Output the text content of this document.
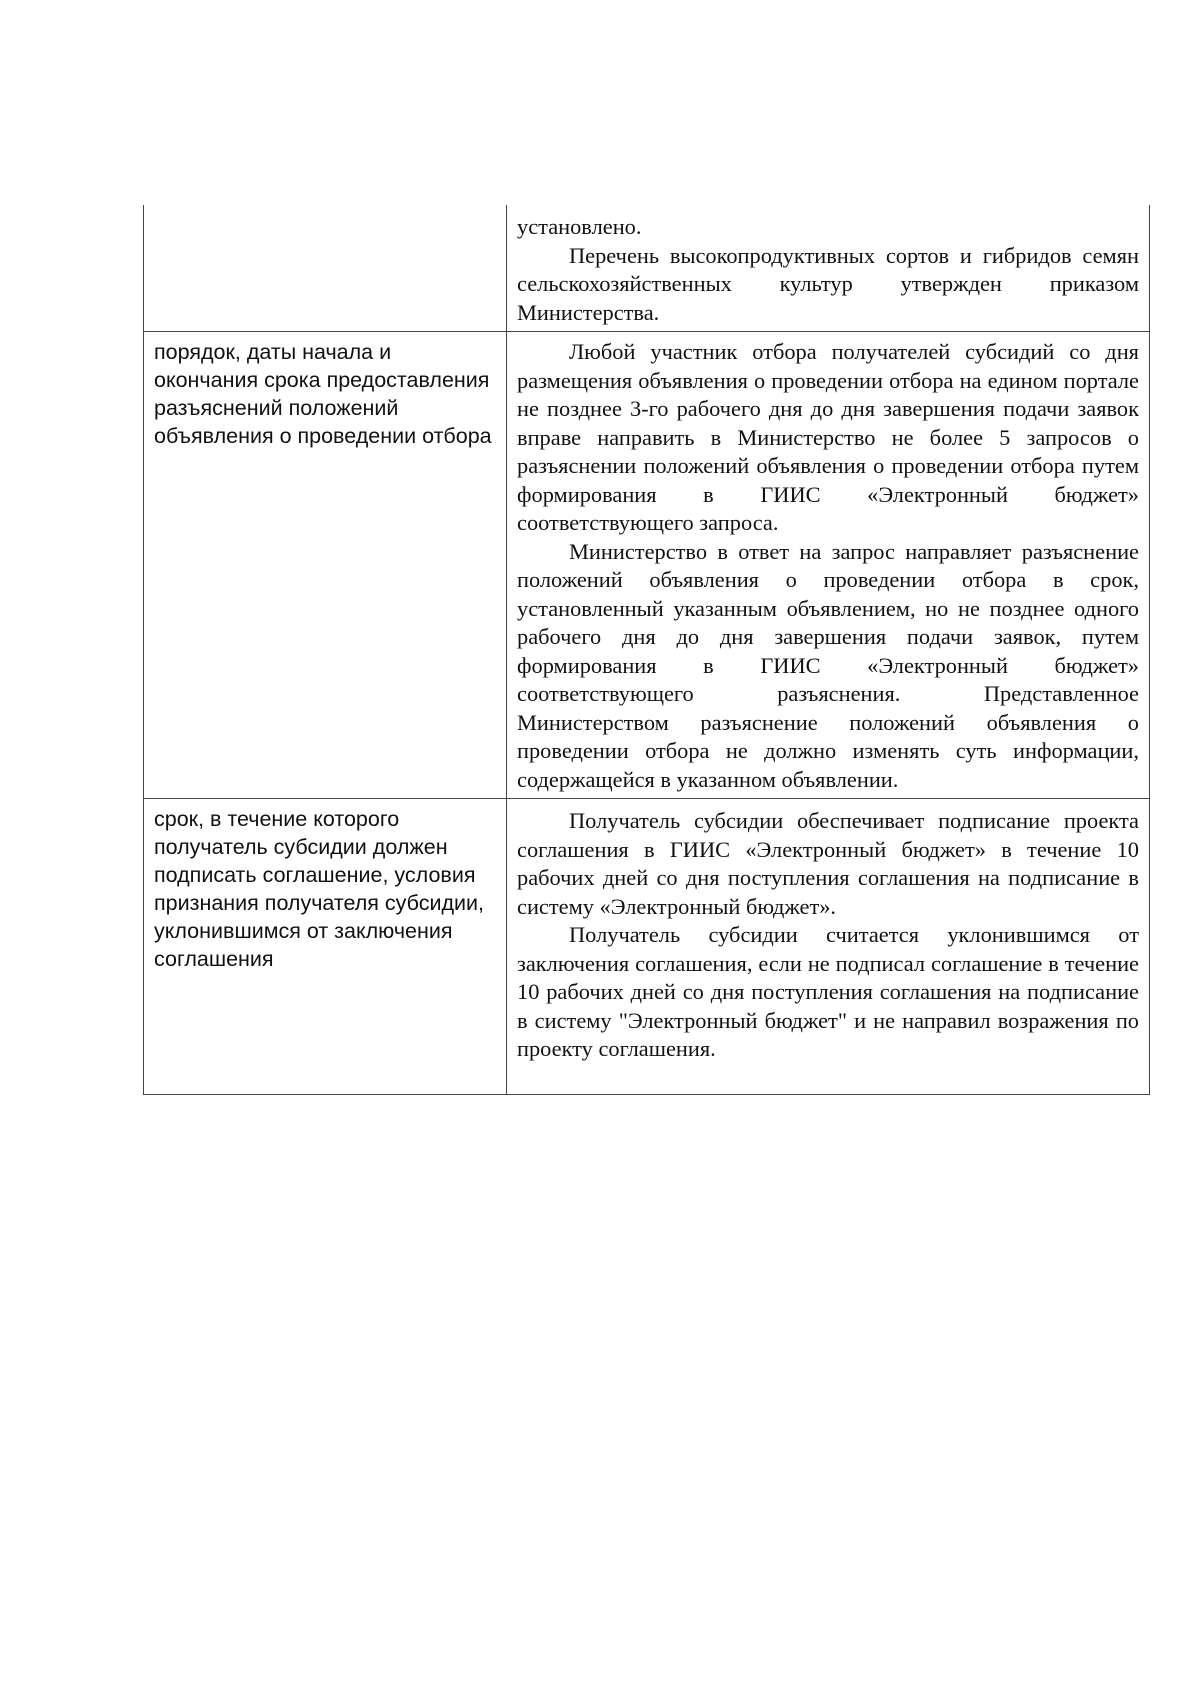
	установлено.

Перечень высокопродуктивных сортов и гибридов семян сельскохозяйственных культур утвержден приказом Министерства.

порядок, даты начала и окончания срока предоставления разъяснений положений объявления о проведении отбора	Любой участник отбора получателей субсидий со дня размещения объявления о проведении отбора на едином портале не позднее 3-го рабочего дня до дня завершения подачи заявок вправе направить в Министерство не более 5 запросов о разъяснении положений объявления о проведении отбора путем формирования в ГИИС «Электронный бюджет» соответствующего запроса.

Министерство в ответ на запрос направляет разъяснение положений объявления о проведении отбора в срок, установленный указанным объявлением, но не позднее одного рабочего дня до дня завершения подачи заявок, путем формирования в ГИИС «Электронный бюджет» соответствующего разъяснения. Представленное Министерством разъяснение положений объявления о проведении отбора не должно изменять суть информации, содержащейся в указанном объявлении.

срок, в течение которого получатель субсидии должен подписать соглашение, условия признания получателя субсидии, уклонившимся от заключения соглашения	Получатель субсидии обеспечивает подписание проекта соглашения в ГИИС «Электронный бюджет» в течение 10 рабочих дней со дня поступления соглашения на подписание в систему «Электронный бюджет».

Получатель субсидии считается уклонившимся от заключения соглашения, если не подписал соглашение в течение 10 рабочих дней со дня поступления соглашения на подписание в систему "Электронный бюджет" и не направил возражения по проекту соглашения.
